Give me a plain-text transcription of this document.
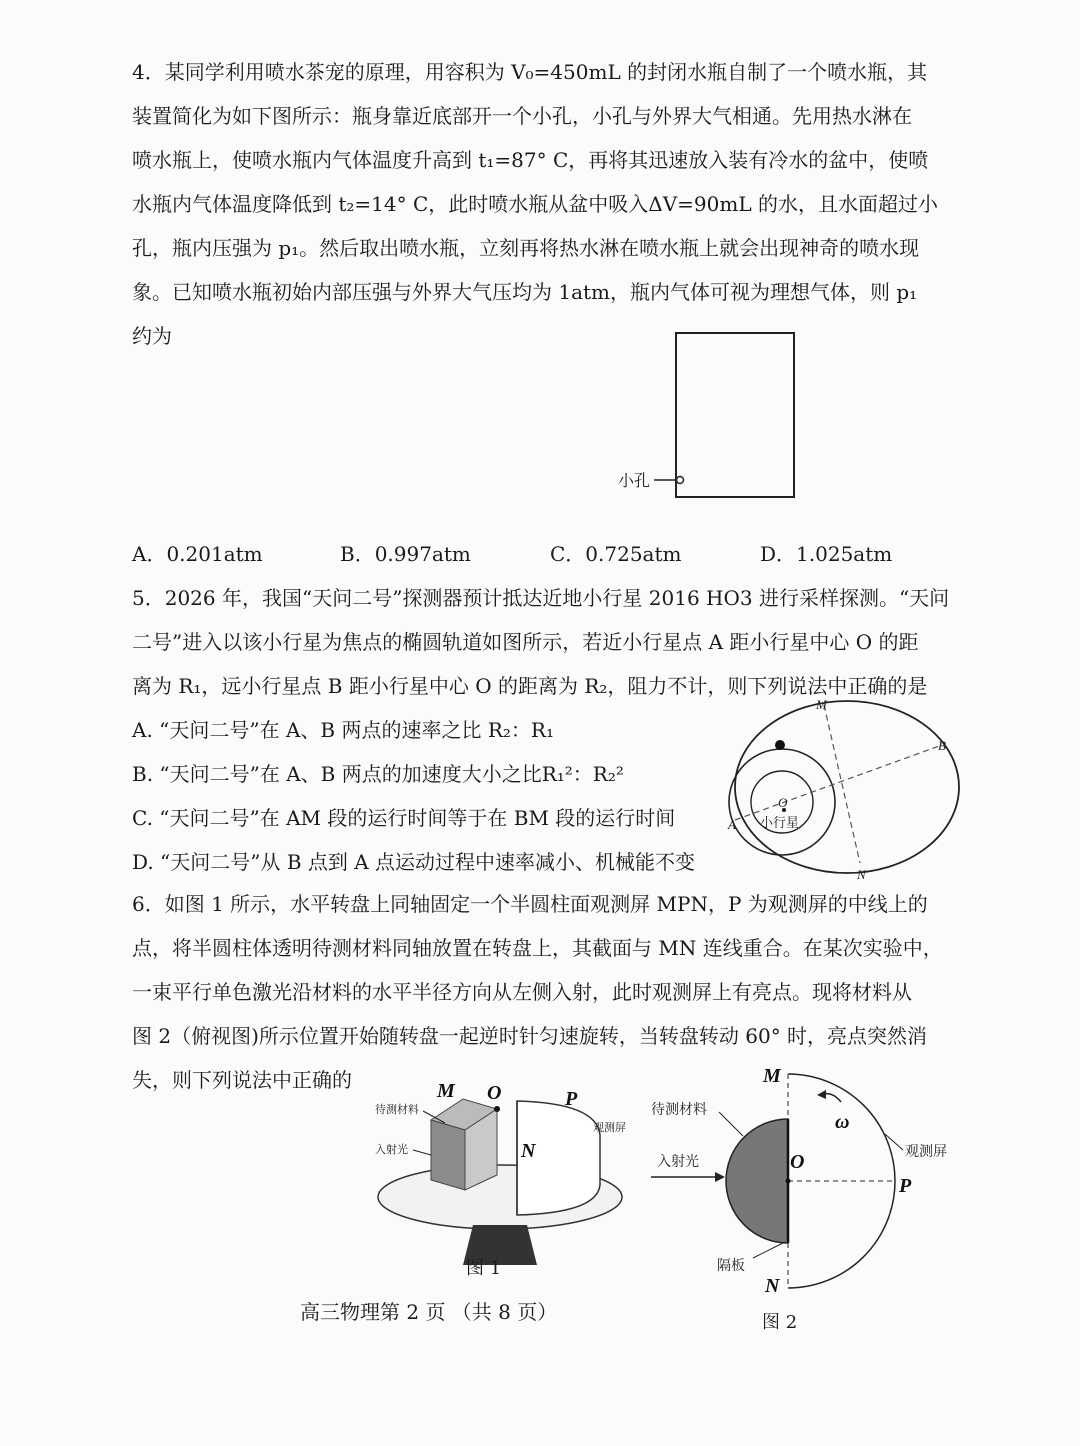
4．某同学利用喷水茶宠的原理，用容积为 V₀=450mL 的封闭水瓶自制了一个喷水瓶，其
装置简化为如下图所示：瓶身靠近底部开一个小孔，小孔与外界大气相通。先用热水淋在
喷水瓶上，使喷水瓶内气体温度升高到 t₁=87° C，再将其迅速放入装有冷水的盆中，使喷
水瓶内气体温度降低到 t₂=14° C，此时喷水瓶从盆中吸入ΔV=90mL 的水，且水面超过小
孔，瓶内压强为 p₁。然后取出喷水瓶，立刻再将热水淋在喷水瓶上就会出现神奇的喷水现
象。已知喷水瓶初始内部压强与外界大气压均为 1atm，瓶内气体可视为理想气体，则 p₁
约为
小孔
A．0.201atm	B．0.997atm	C．0.725atm	D．1.025atm
5．2026 年，我国“天问二号”探测器预计抵达近地小行星 2016 HO3 进行采样探测。“天问
二号”进入以该小行星为焦点的椭圆轨道如图所示，若近小行星点 A 距小行星中心 O 的距
离为 R₁，远小行星点 B 距小行星中心 O 的距离为 R₂，阻力不计，则下列说法中正确的是
A. “天问二号”在 A、B 两点的速率之比 R₂：R₁
B. “天问二号”在 A、B 两点的加速度大小之比R₁²：R₂²
C. “天问二号”在 AM 段的运行时间等于在 BM 段的运行时间
D. “天问二号”从 B 点到 A 点运动过程中速率减小、机械能不变
M
B
A
N
O
小行星
6．如图 1 所示，水平转盘上同轴固定一个半圆柱面观测屏 MPN，P 为观测屏的中线上的
点，将半圆柱体透明待测材料同轴放置在转盘上，其截面与 MN 连线重合。在某次实验中，
一束平行单色激光沿材料的水平半径方向从左侧入射，此时观测屏上有亮点。现将材料从
图 2（俯视图)所示位置开始随转盘一起逆时针匀速旋转，当转盘转动 60° 时，亮点突然消
失，则下列说法中正确的	M O	P
N
待测材料
入射光
观测屏
图 1
M
O
P
N
ω
待测材料
入射光
观测屏
隔板
图 2
高三物理第 2 页 （共 8 页）
